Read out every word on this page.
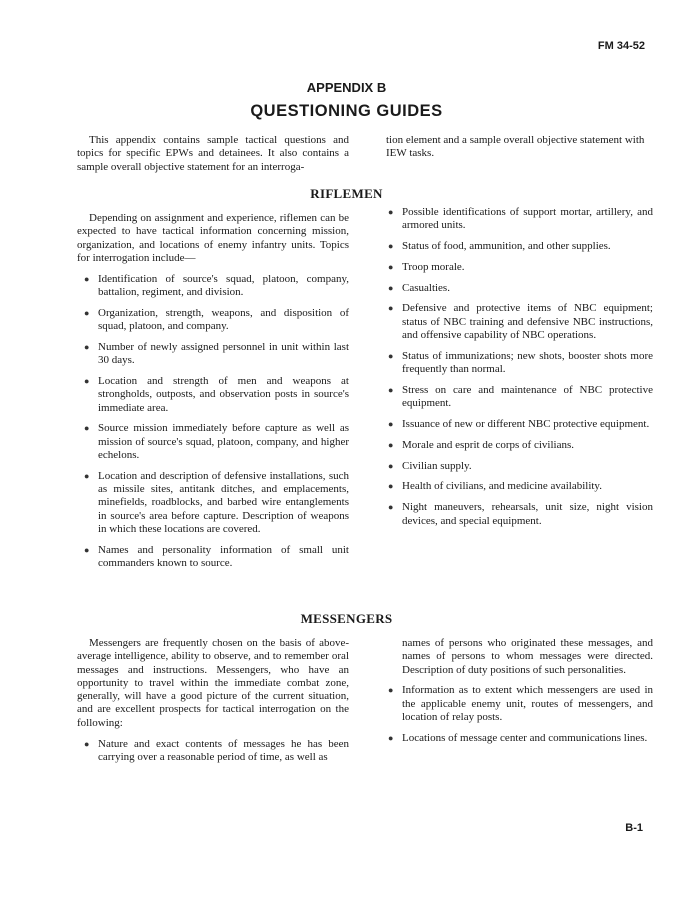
FM 34-52
APPENDIX B
QUESTIONING GUIDES

This appendix contains sample tactical questions and topics for specific EPWs and detainees. It also contains a sample overall objective statement for an interroga-

tion element and a sample overall objective statement with IEW tasks.

RIFLEMEN

Depending on assignment and experience, riflemen can be expected to have tactical information concerning mission, organization, and locations of enemy infantry units. Topics for interrogation include—

● Identification of source's squad, platoon, company, battalion, regiment, and division.
● Organization, strength, weapons, and disposition of squad, platoon, and company.
● Number of newly assigned personnel in unit within last 30 days.
● Location and strength of men and weapons at strongholds, outposts, and observation posts in source's immediate area.
● Source mission immediately before capture as well as mission of source's squad, platoon, company, and higher echelons.
● Location and description of defensive installations, such as missile sites, antitank ditches, and emplacements, minefields, roadblocks, and barbed wire entanglements in source's area before capture. Description of weapons in which these locations are covered.
● Names and personality information of small unit commanders known to source.
● Possible identifications of support mortar, artillery, and armored units.
● Status of food, ammunition, and other supplies.
● Troop morale.
● Casualties.
● Defensive and protective items of NBC equipment; status of NBC training and defensive NBC instructions, and offensive capability of NBC operations.
● Status of immunizations; new shots, booster shots more frequently than normal.
● Stress on care and maintenance of NBC protective equipment.
● Issuance of new or different NBC protective equipment.
● Morale and esprit de corps of civilians.
● Civilian supply.
● Health of civilians, and medicine availability.
● Night maneuvers, rehearsals, unit size, night vision devices, and special equipment.
MESSENGERS

Messengers are frequently chosen on the basis of above-average intelligence, ability to observe, and to remember oral messages and instructions. Messengers, who have an opportunity to travel within the immediate combat zone, generally, will have a good picture of the current situation, and are excellent prospects for tactical interrogation on the following:

● Nature and exact contents of messages he has been carrying over a reasonable period of time, as well as

names of persons who originated these messages, and names of persons to whom messages were directed. Description of duty positions of such personalities.

● Information as to extent which messengers are used in the applicable enemy unit, routes of messengers, and location of relay posts.
● Locations of message center and communications lines.
B-1
